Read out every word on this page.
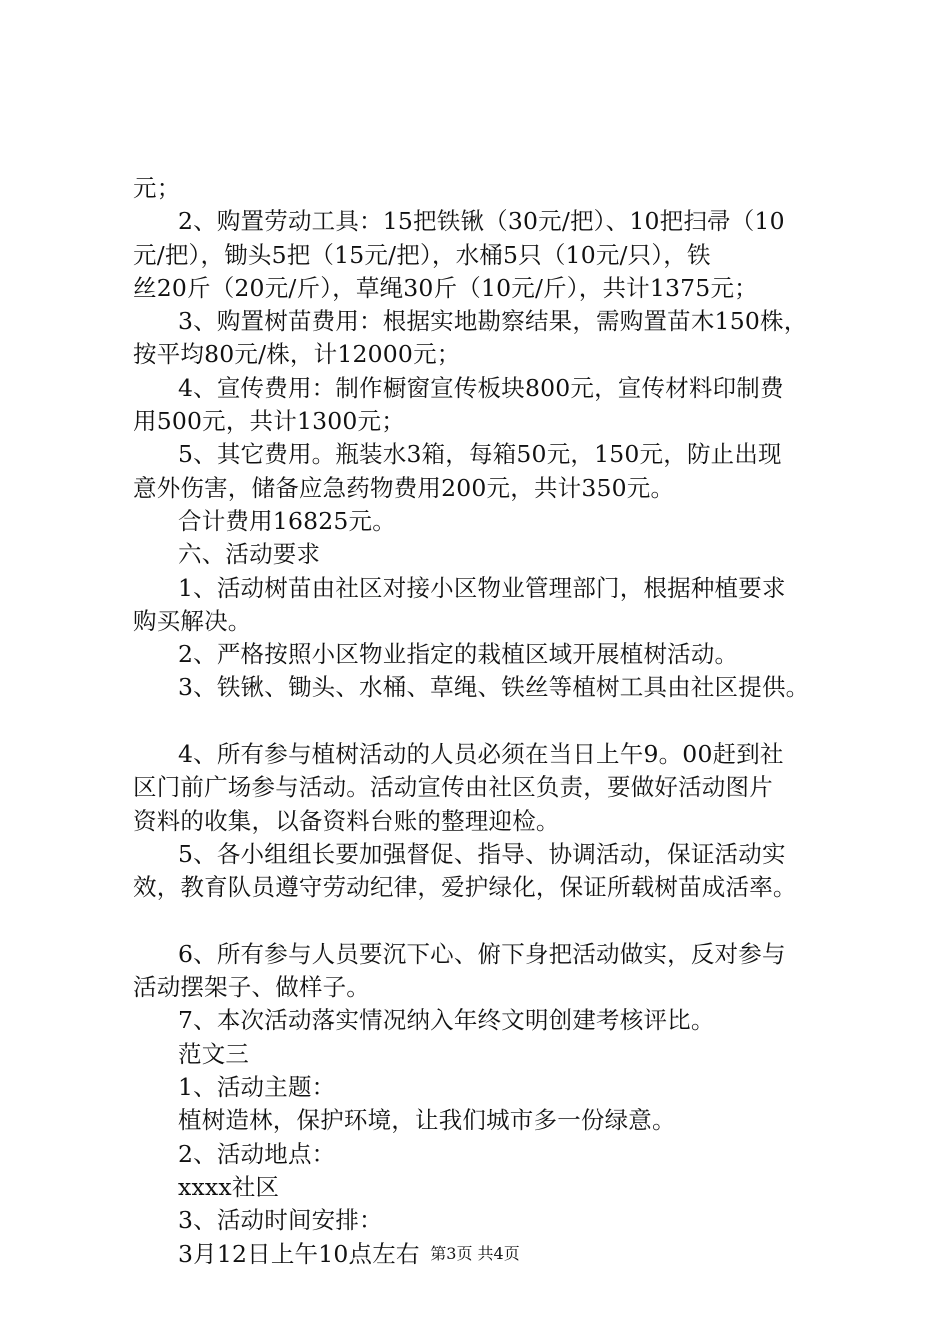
元；
2、购置劳动工具：15把铁锹（30元/把）、10把扫帚（10
元/把），锄头5把（15元/把），水桶5只（10元/只），铁
丝20斤（20元/斤），草绳30斤（10元/斤），共计1375元；
3、购置树苗费用：根据实地勘察结果，需购置苗木150株，
按平均80元/株，计12000元；
4、宣传费用：制作橱窗宣传板块800元，宣传材料印制费
用500元，共计1300元；
5、其它费用。瓶装水3箱，每箱50元，150元，防止出现
意外伤害，储备应急药物费用200元，共计350元。
合计费用16825元。
六、活动要求
1、活动树苗由社区对接小区物业管理部门，根据种植要求
购买解决。
2、严格按照小区物业指定的栽植区域开展植树活动。
3、铁锹、锄头、水桶、草绳、铁丝等植树工具由社区提供。
4、所有参与植树活动的人员必须在当日上午9。00赶到社
区门前广场参与活动。活动宣传由社区负责，要做好活动图片
资料的收集，以备资料台账的整理迎检。
5、各小组组长要加强督促、指导、协调活动，保证活动实
效，教育队员遵守劳动纪律，爱护绿化，保证所载树苗成活率。
6、所有参与人员要沉下心、俯下身把活动做实，反对参与
活动摆架子、做样子。
7、本次活动落实情况纳入年终文明创建考核评比。
范文三
1、活动主题：
植树造林，保护环境，让我们城市多一份绿意。
2、活动地点：
xxxx社区
3、活动时间安排：
3月12日上午10点左右 第3页 共4页
